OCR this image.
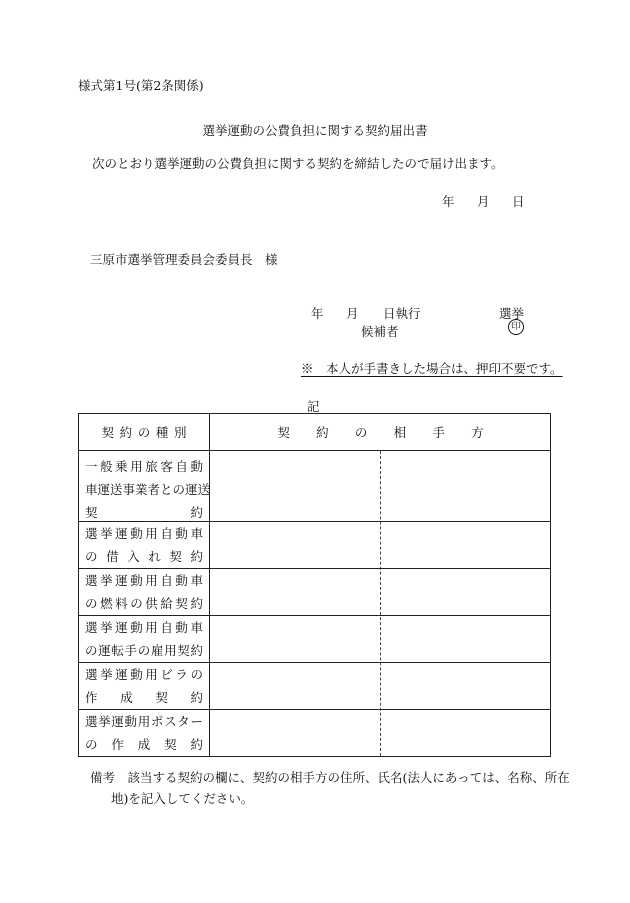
様式第1号(第2条関係)
選挙運動の公費負担に関する契約届出書
次のとおり選挙運動の公費負担に関する契約を締結したので届け出ます。
年 月 日
三原市選挙管理委員会委員長　様
年 月 日執行	選挙
候補者	印
※　本人が手書きした場合は、押印不要です。
記
契約の種別	契約の相手方
一般乗用旅客自動
車運送事業者との運送
契　　　　　　約
選挙運動用自動車
の借入れ契約
選挙運動用自動車
の燃料の供給契約
選挙運動用自動車
の運転手の雇用契約
選挙運動用ビラの
作　成　契　約
選挙運動用ポスター
の　作　成　契　約
備考　該当する契約の欄に、契約の相手方の住所、氏名(法人にあっては、名称、所在
地)を記入してください。
